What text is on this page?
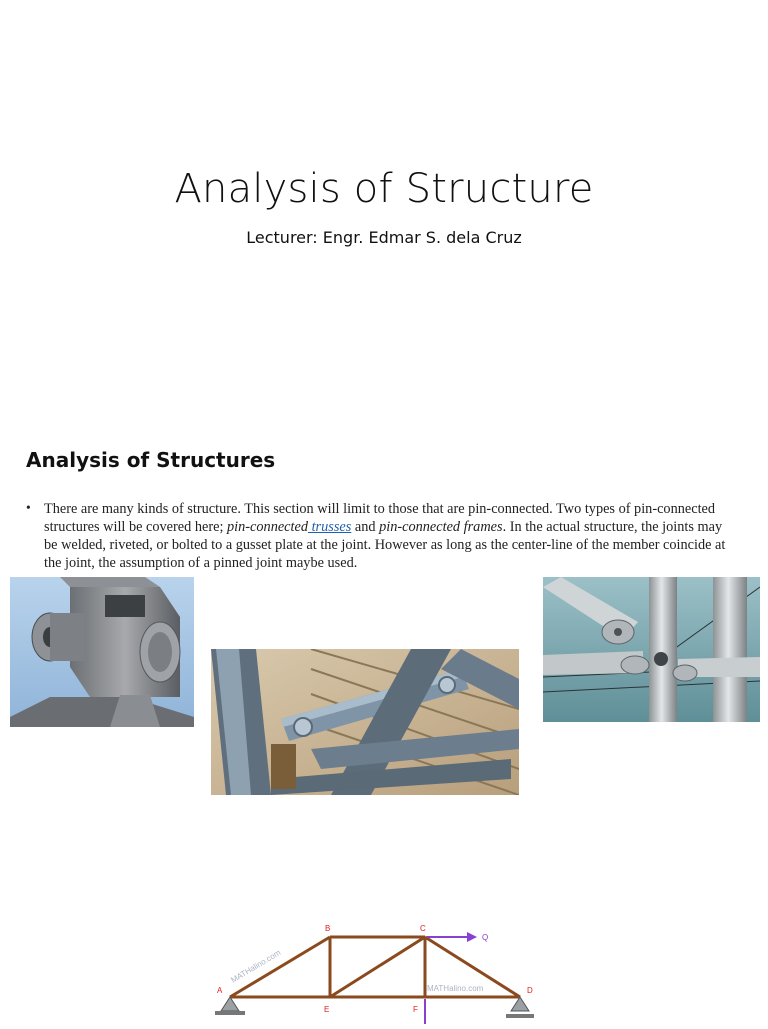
Analysis of Structure
Lecturer: Engr. Edmar S. dela Cruz
Analysis of Structures
• There are many kinds of structure. This section will limit to those that are pin-connected. Two types of pin-connected structures will be covered here; pin-connected trusses and pin-connected frames. In the actual structure, the joints may be welded, riveted, or bolted to a gusset plate at the joint. However as long as the center-line of the member coincide at the joint, the assumption of a pinned joint maybe used.
MATHalino.com
MATHalino.com
A
B	C
D
E	F
Q
